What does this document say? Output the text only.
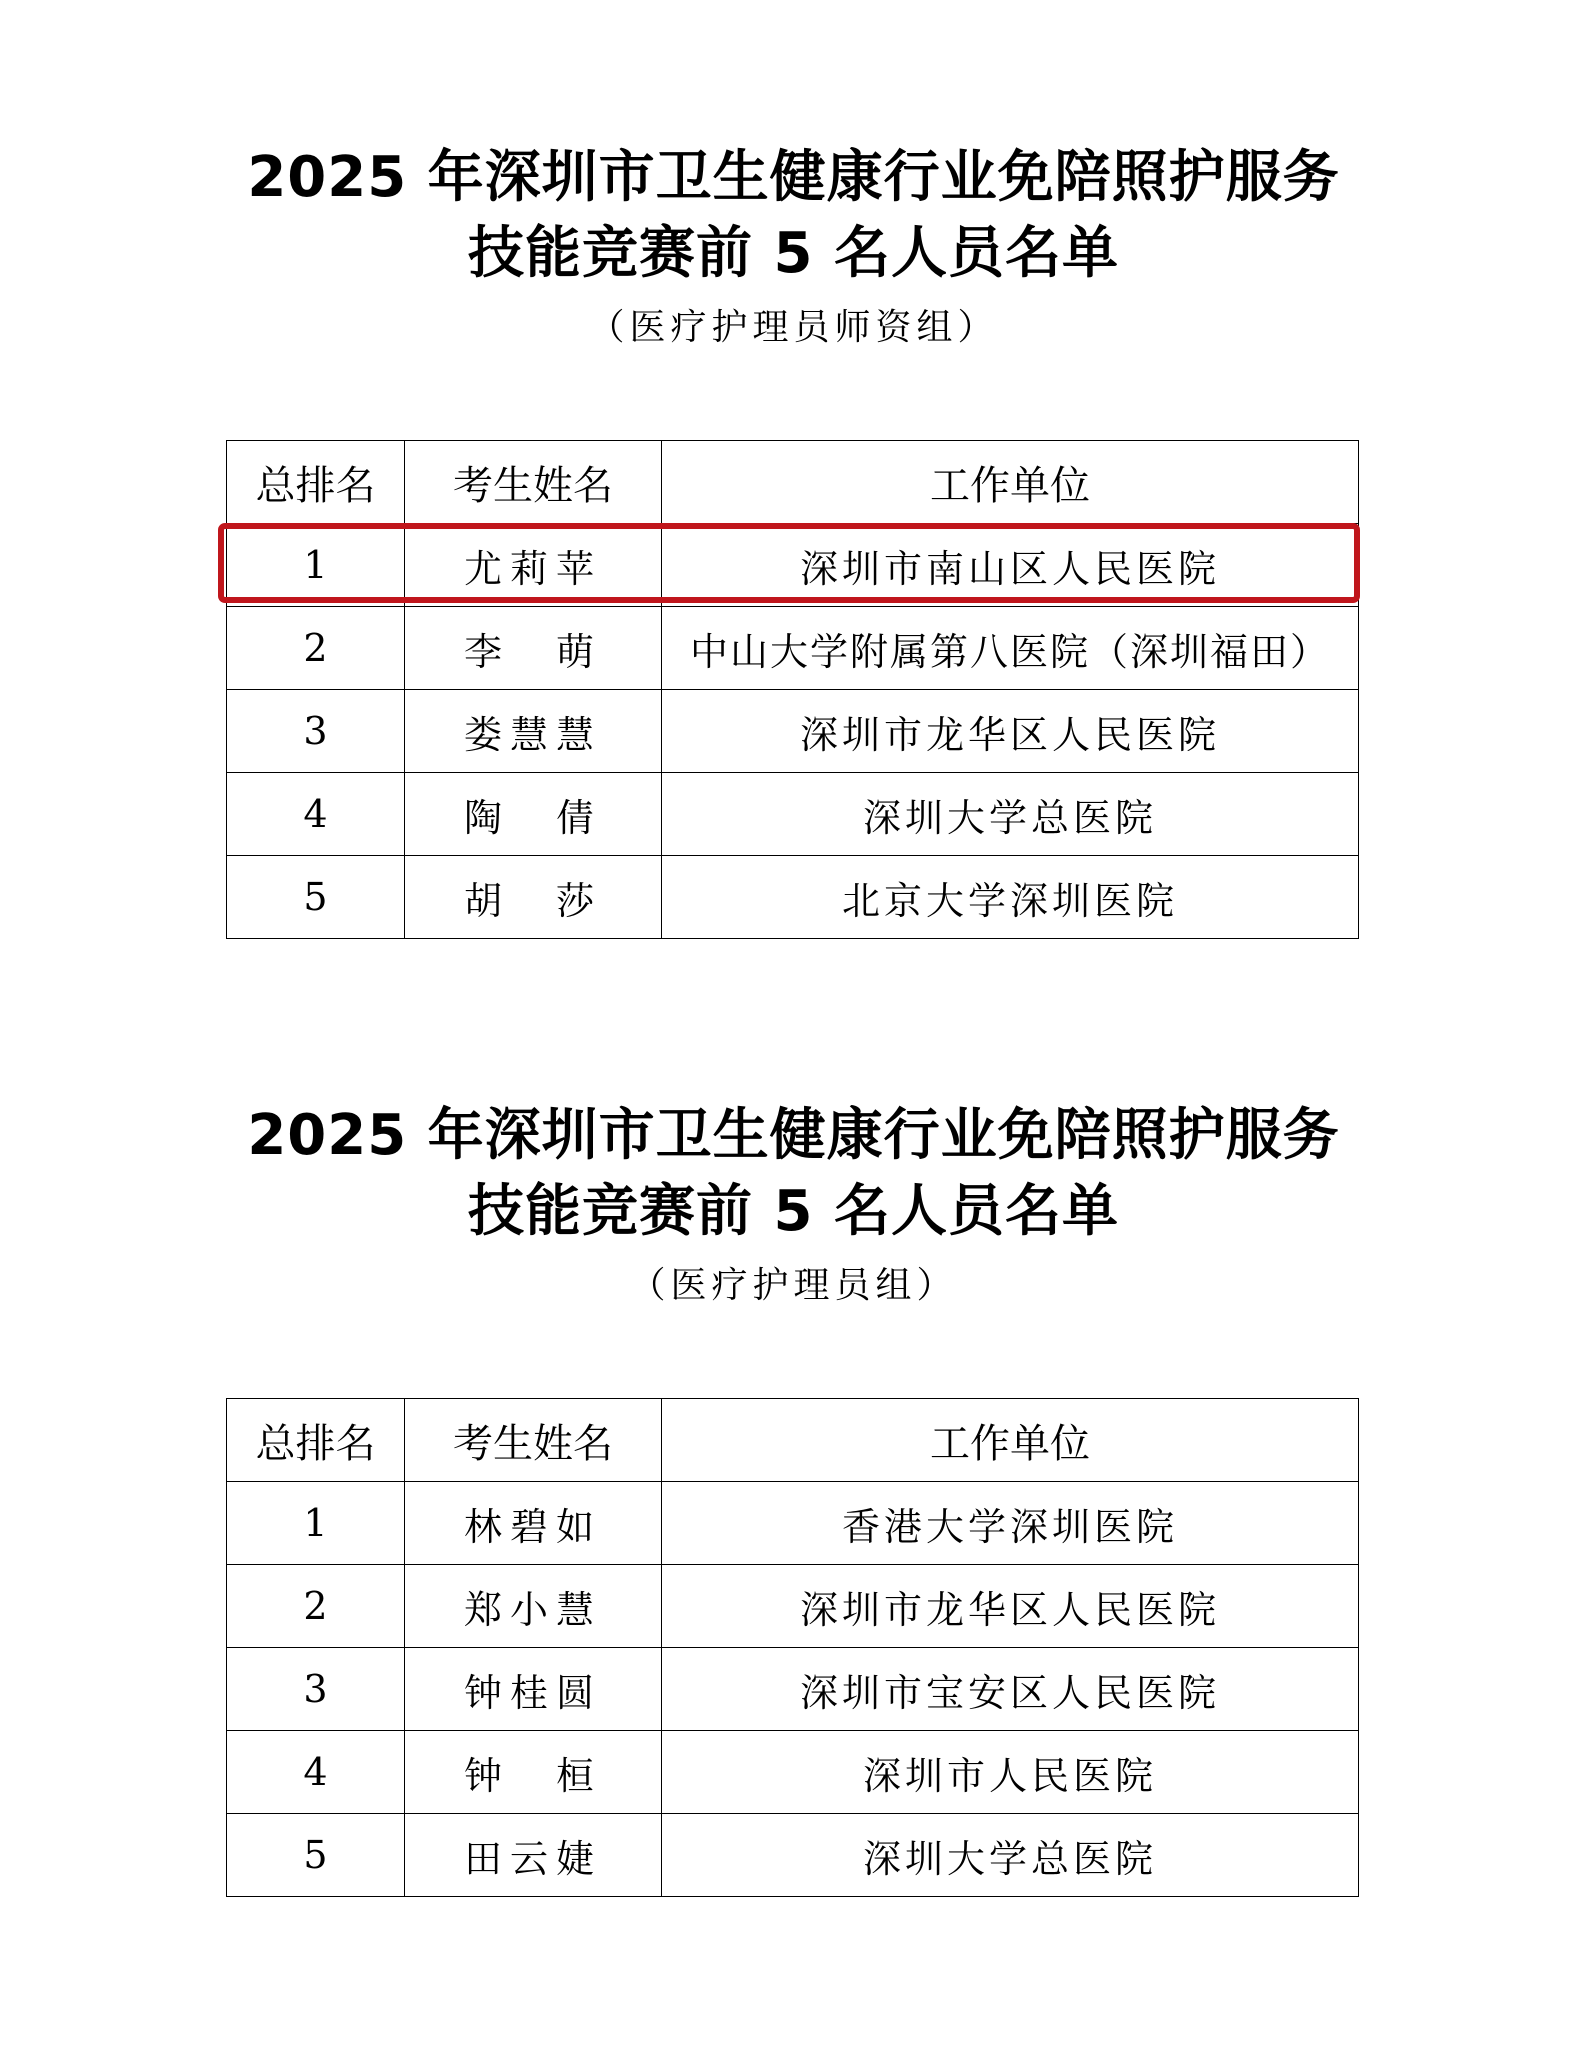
2025 年深圳市卫生健康行业免陪照护服务
技能竞赛前 5 名人员名单
（医疗护理员师资组）
总排名	考生姓名	工作单位
1	尤莉苹	深圳市南山区人民医院
2	李　萌	中山大学附属第八医院（深圳福田）
3	娄慧慧	深圳市龙华区人民医院
4	陶　倩	深圳大学总医院
5	胡　莎	北京大学深圳医院
2025 年深圳市卫生健康行业免陪照护服务
技能竞赛前 5 名人员名单
（医疗护理员组）
总排名	考生姓名	工作单位
1	林碧如	香港大学深圳医院
2	郑小慧	深圳市龙华区人民医院
3	钟桂圆	深圳市宝安区人民医院
4	钟　桓	深圳市人民医院
5	田云婕	深圳大学总医院
